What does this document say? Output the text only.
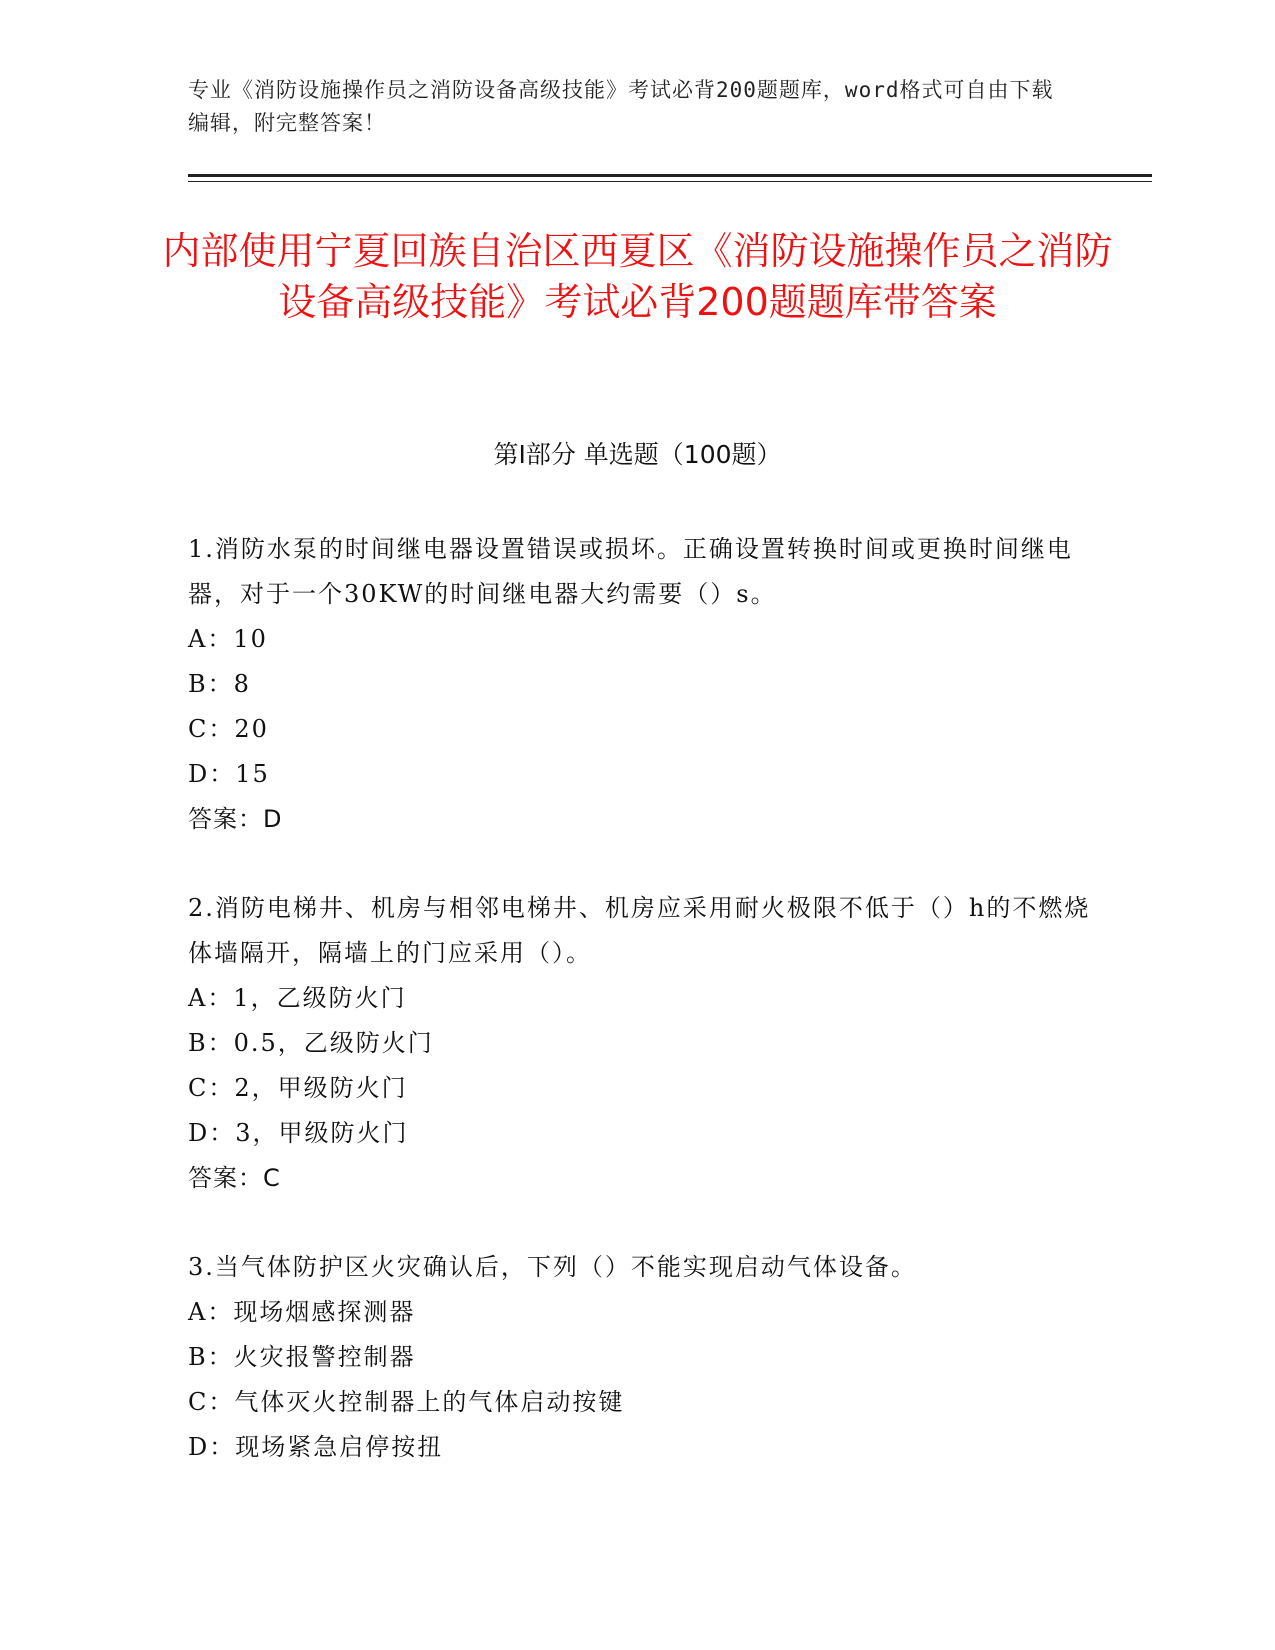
专业《消防设施操作员之消防设备高级技能》考试必背200题题库，word格式可自由下载编辑，附完整答案！
内部使用宁夏回族自治区西夏区《消防设施操作员之消防设备高级技能》考试必背200题题库带答案
第Ⅰ部分 单选题（100题）

1.消防水泵的时间继电器设置错误或损坏。正确设置转换时间或更换时间继电器，对于一个30KW的时间继电器大约需要（）s。

A：10

B：8

C：20

D：15

答案：D

2.消防电梯井、机房与相邻电梯井、机房应采用耐火极限不低于（）h的不燃烧体墙隔开，隔墙上的门应采用（）。

A：1，乙级防火门

B：0.5，乙级防火门

C：2，甲级防火门

D：3，甲级防火门

答案：C

3.当气体防护区火灾确认后，下列（）不能实现启动气体设备。

A：现场烟感探测器

B：火灾报警控制器

C：气体灭火控制器上的气体启动按键

D：现场紧急启停按扭
